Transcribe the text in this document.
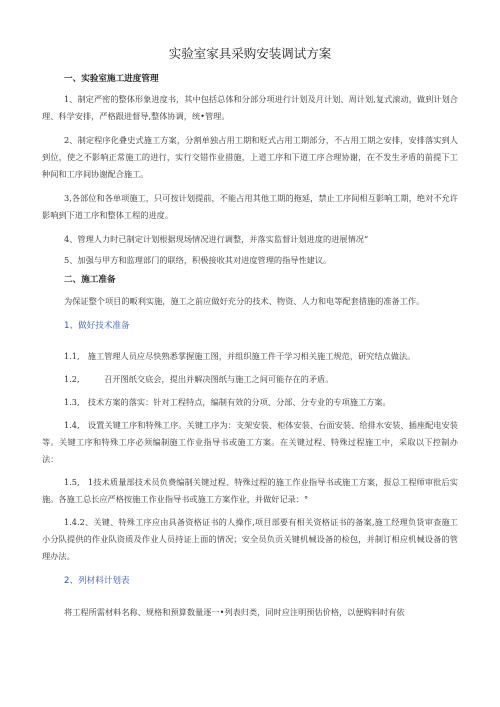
实验室家具采购安装调试方案
一、实验室施工进度管理
1、制定严密的整体形象进度书，其中包括总体和分部分项进行计划及月计划、周计划,复式滚动，做到计划合理、科学安排，严格跟进督导,整体协调，统•管理。
2、制定程序化叠史式施工方案，分割单独占用工期和贬式占用工期部分，不占用工期之安排，安排落实到人到位，使之不影响正常施工的进行，实行交错作业措施，上道工序和下道工序合理协谢，在不发生矛盾的前提下工种间和工序间协谢配合施工。
3,各部位和各单项施工，只可按计划提前，不能占用其他工期的拖延，禁止工序间相互影响工期，绝对不允许影响到下道工序和整体工程的进度。
4、管理人力时已制定计划根据现场情况进行调整，并落实监督计划进度的进展情况“
5、加强与甲方和监理部门的联络，积极接收其对进度管理的指导性建议。
二、施工准备
为保证整个项目的畈利实施，施工之前应做好充分的技术、物资、人力和电等配套措施的准备工作。
1、做好技术准备
1.1,　施工管理人员应尽快熟悉掌握施工图，并组织施工件干学习相关施工规范，研究结点做法。
1.2,　　　召开图纸交底会，提出并解决图纸与施工之间可能存在的矛盾。
1.3,　技术方案的落实：针对工程特点，编制有效的分项、分部、分专业的专项施工方案。
1.4,　设置关键工序和特殊工序。关键工序为：支架安装、柜体安装、台面安装、给排水安装、插座配电安装等。关键工序和特殊工序必须编制施工作业指导书或施工方案。在关键过程、特殊过程施工中，采取以下控制办法：
1.5,　1技术质量部技术员负费编制关键过程、特殊过程的施工作业指导书或施工方案，报总工程师审批后实施。各施工总长应严格按施工作业指导书或施工方案作业，并做好记录：°
1.4.2、关键、特殊工序应由具备资格证书的人操作,项目部要有相关资格证书的备案,施工经理负货审查施工小分队提供的作业队资质及作业人员持证上面的情况；安全员负贡关键机械设备的检包，并制订相应机械设备的管理办法。
2、列材料计划表
将工程所需材料名称、规格和预算数量逐一•列表归类，同时应注明预估价格，以便购料时有依
